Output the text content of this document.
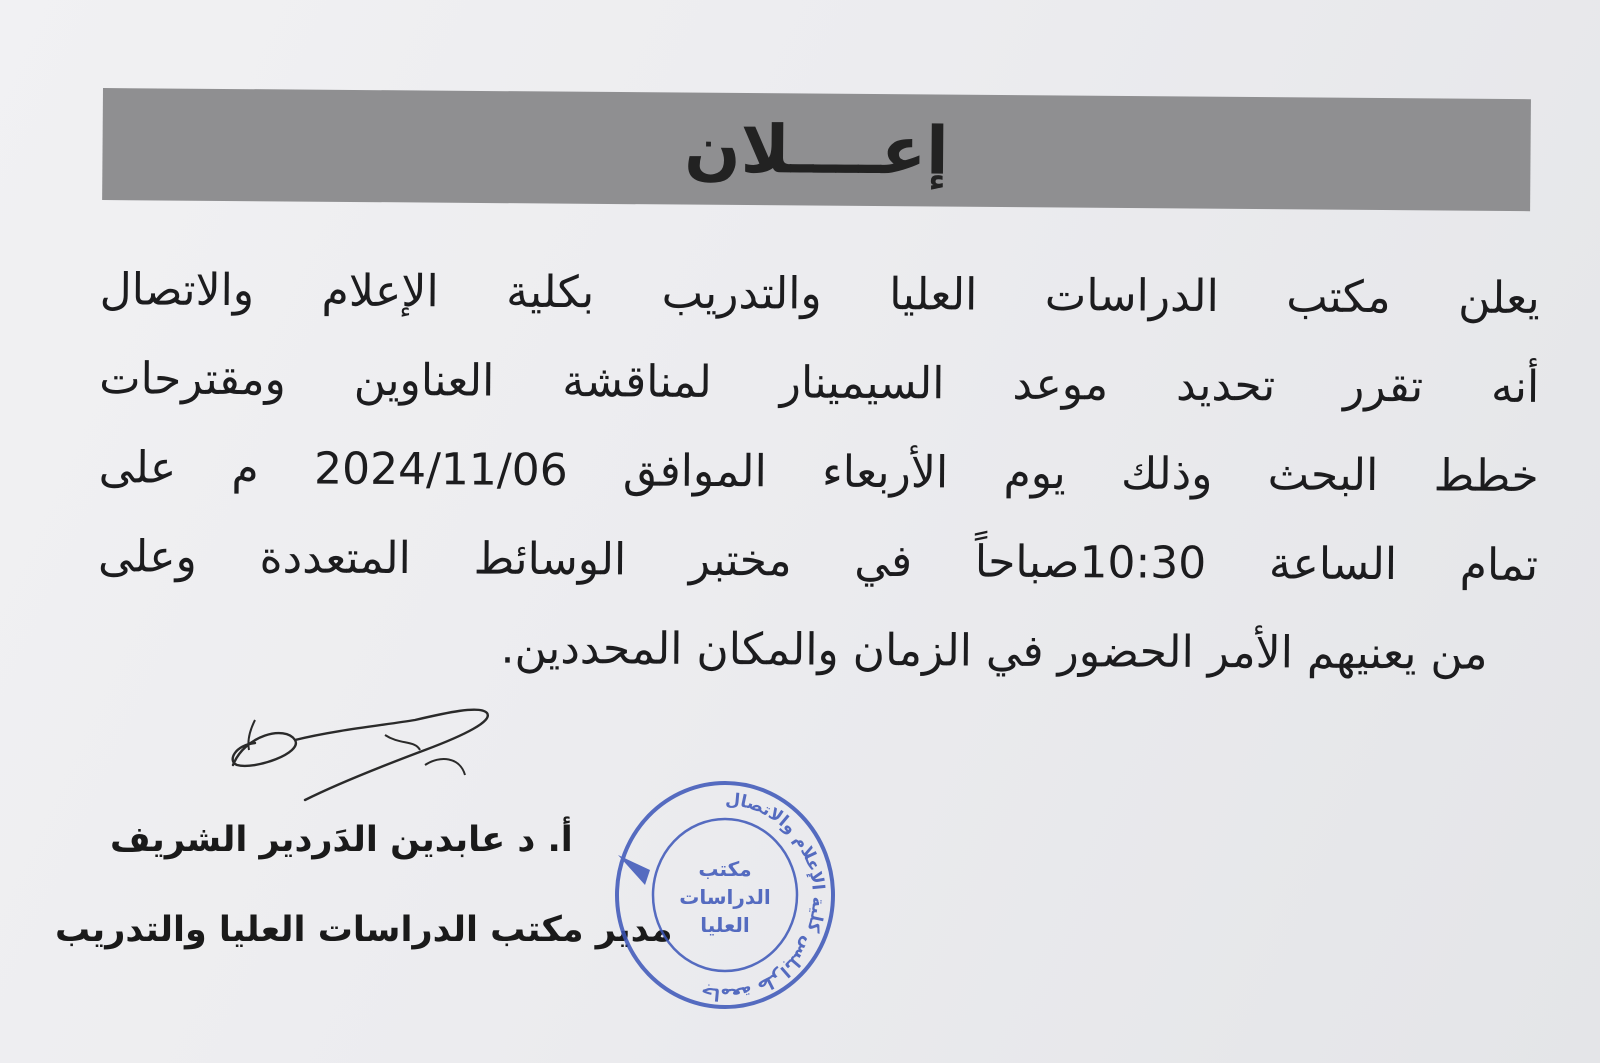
إعــــلان
يعلن مكتب الدراسات العليا والتدريب بكلية الإعلام والاتصال
أنه تقرر تحديد موعد السيمينار لمناقشة العناوين ومقترحات
خطط البحث وذلك يوم الأربعاء الموافق 2024/11/06 م على
تمام الساعة 10:30صباحاً في مختبر الوسائط المتعددة وعلى
من يعنيهم الأمر الحضور في الزمان والمكان المحددين.
أ. د عابدين الدَردير الشريف
مدير مكتب الدراسات العليا والتدريب
جامعة طرابلس كلية الإعلام والاتصال
مكتب الدراسات العليا
